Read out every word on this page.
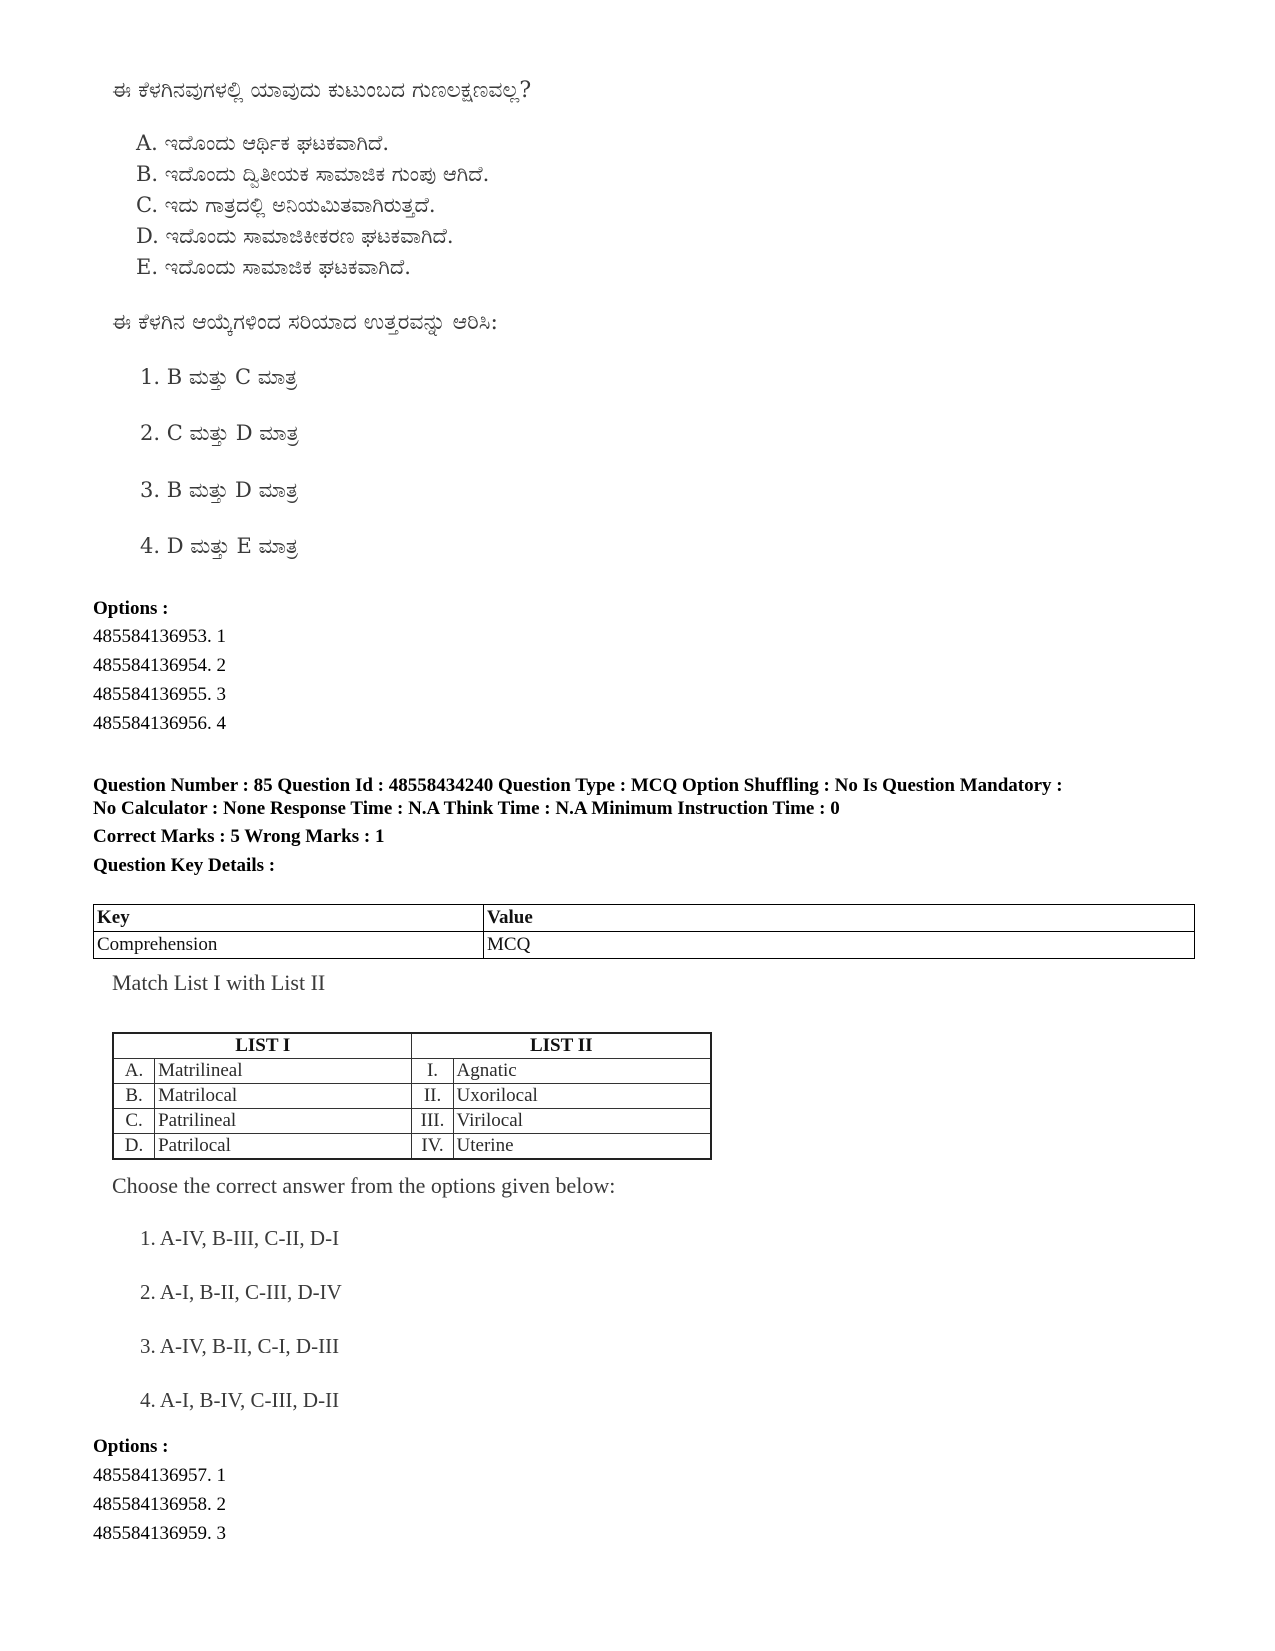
ಈ ಕೆಳಗಿನವುಗಳಲ್ಲಿ ಯಾವುದು ಕುಟುಂಬದ ಗುಣಲಕ್ಷಣವಲ್ಲ?
A. ಇದೊಂದು ಆರ್ಥಿಕ ಘಟಕವಾಗಿದೆ.
B. ಇದೊಂದು ದ್ವಿತೀಯಕ ಸಾಮಾಜಿಕ ಗುಂಪು ಆಗಿದೆ.
C. ಇದು ಗಾತ್ರದಲ್ಲಿ ಅನಿಯಮಿತವಾಗಿರುತ್ತದೆ.
D. ಇದೊಂದು ಸಾಮಾಜಿಕೀಕರಣ ಘಟಕವಾಗಿದೆ.
E. ಇದೊಂದು ಸಾಮಾಜಿಕ ಘಟಕವಾಗಿದೆ.
ಈ ಕೆಳಗಿನ ಆಯ್ಕೆಗಳಿಂದ ಸರಿಯಾದ ಉತ್ತರವನ್ನು ಆರಿಸಿ:
1. B ಮತ್ತು C ಮಾತ್ರ
2. C ಮತ್ತು D ಮಾತ್ರ
3. B ಮತ್ತು D ಮಾತ್ರ
4. D ಮತ್ತು E ಮಾತ್ರ
Options :
485584136953. 1
485584136954. 2
485584136955. 3
485584136956. 4
Question Number : 85 Question Id : 48558434240 Question Type : MCQ Option Shuffling : No Is Question Mandatory :
No Calculator : None Response Time : N.A Think Time : N.A Minimum Instruction Time : 0
Correct Marks : 5 Wrong Marks : 1
Question Key Details :
Key	Value
Comprehension	MCQ
Match List I with List II
LIST I		LIST II	
A.	Matrilineal	I.	Agnatic
B.	Matrilocal	II.	Uxorilocal
C.	Patrilineal	III.	Virilocal
D.	Patrilocal	IV.	Uterine
Choose the correct answer from the options given below:
1. A-IV, B-III, C-II, D-I
2. A-I, B-II, C-III, D-IV
3. A-IV, B-II, C-I, D-III
4. A-I, B-IV, C-III, D-II
Options :
485584136957. 1
485584136958. 2
485584136959. 3
